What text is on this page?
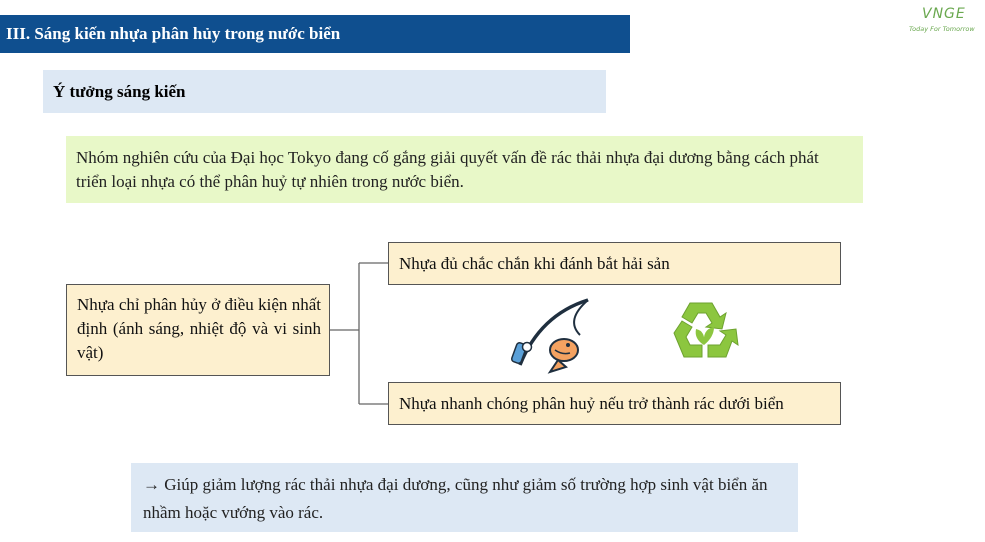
III. Sáng kiến nhựa phân hủy trong nước biển
VNGE
Today For Tomorrow
Ý tưởng sáng kiến
Nhóm nghiên cứu của Đại học Tokyo đang cố gắng giải quyết vấn đề rác thải nhựa đại dương bằng cách phát triển loại nhựa có thể phân huỷ tự nhiên trong nước biển.
Nhựa chỉ phân hủy ở điều kiện nhất định (ánh sáng, nhiệt độ và vi sinh vật)
Nhựa đủ chắc chắn khi đánh bắt hải sản
Nhựa nhanh chóng phân huỷ nếu trở thành rác dưới biển
→ Giúp giảm lượng rác thải nhựa đại dương, cũng như giảm số trường hợp sinh vật biển ăn nhầm hoặc vướng vào rác.
